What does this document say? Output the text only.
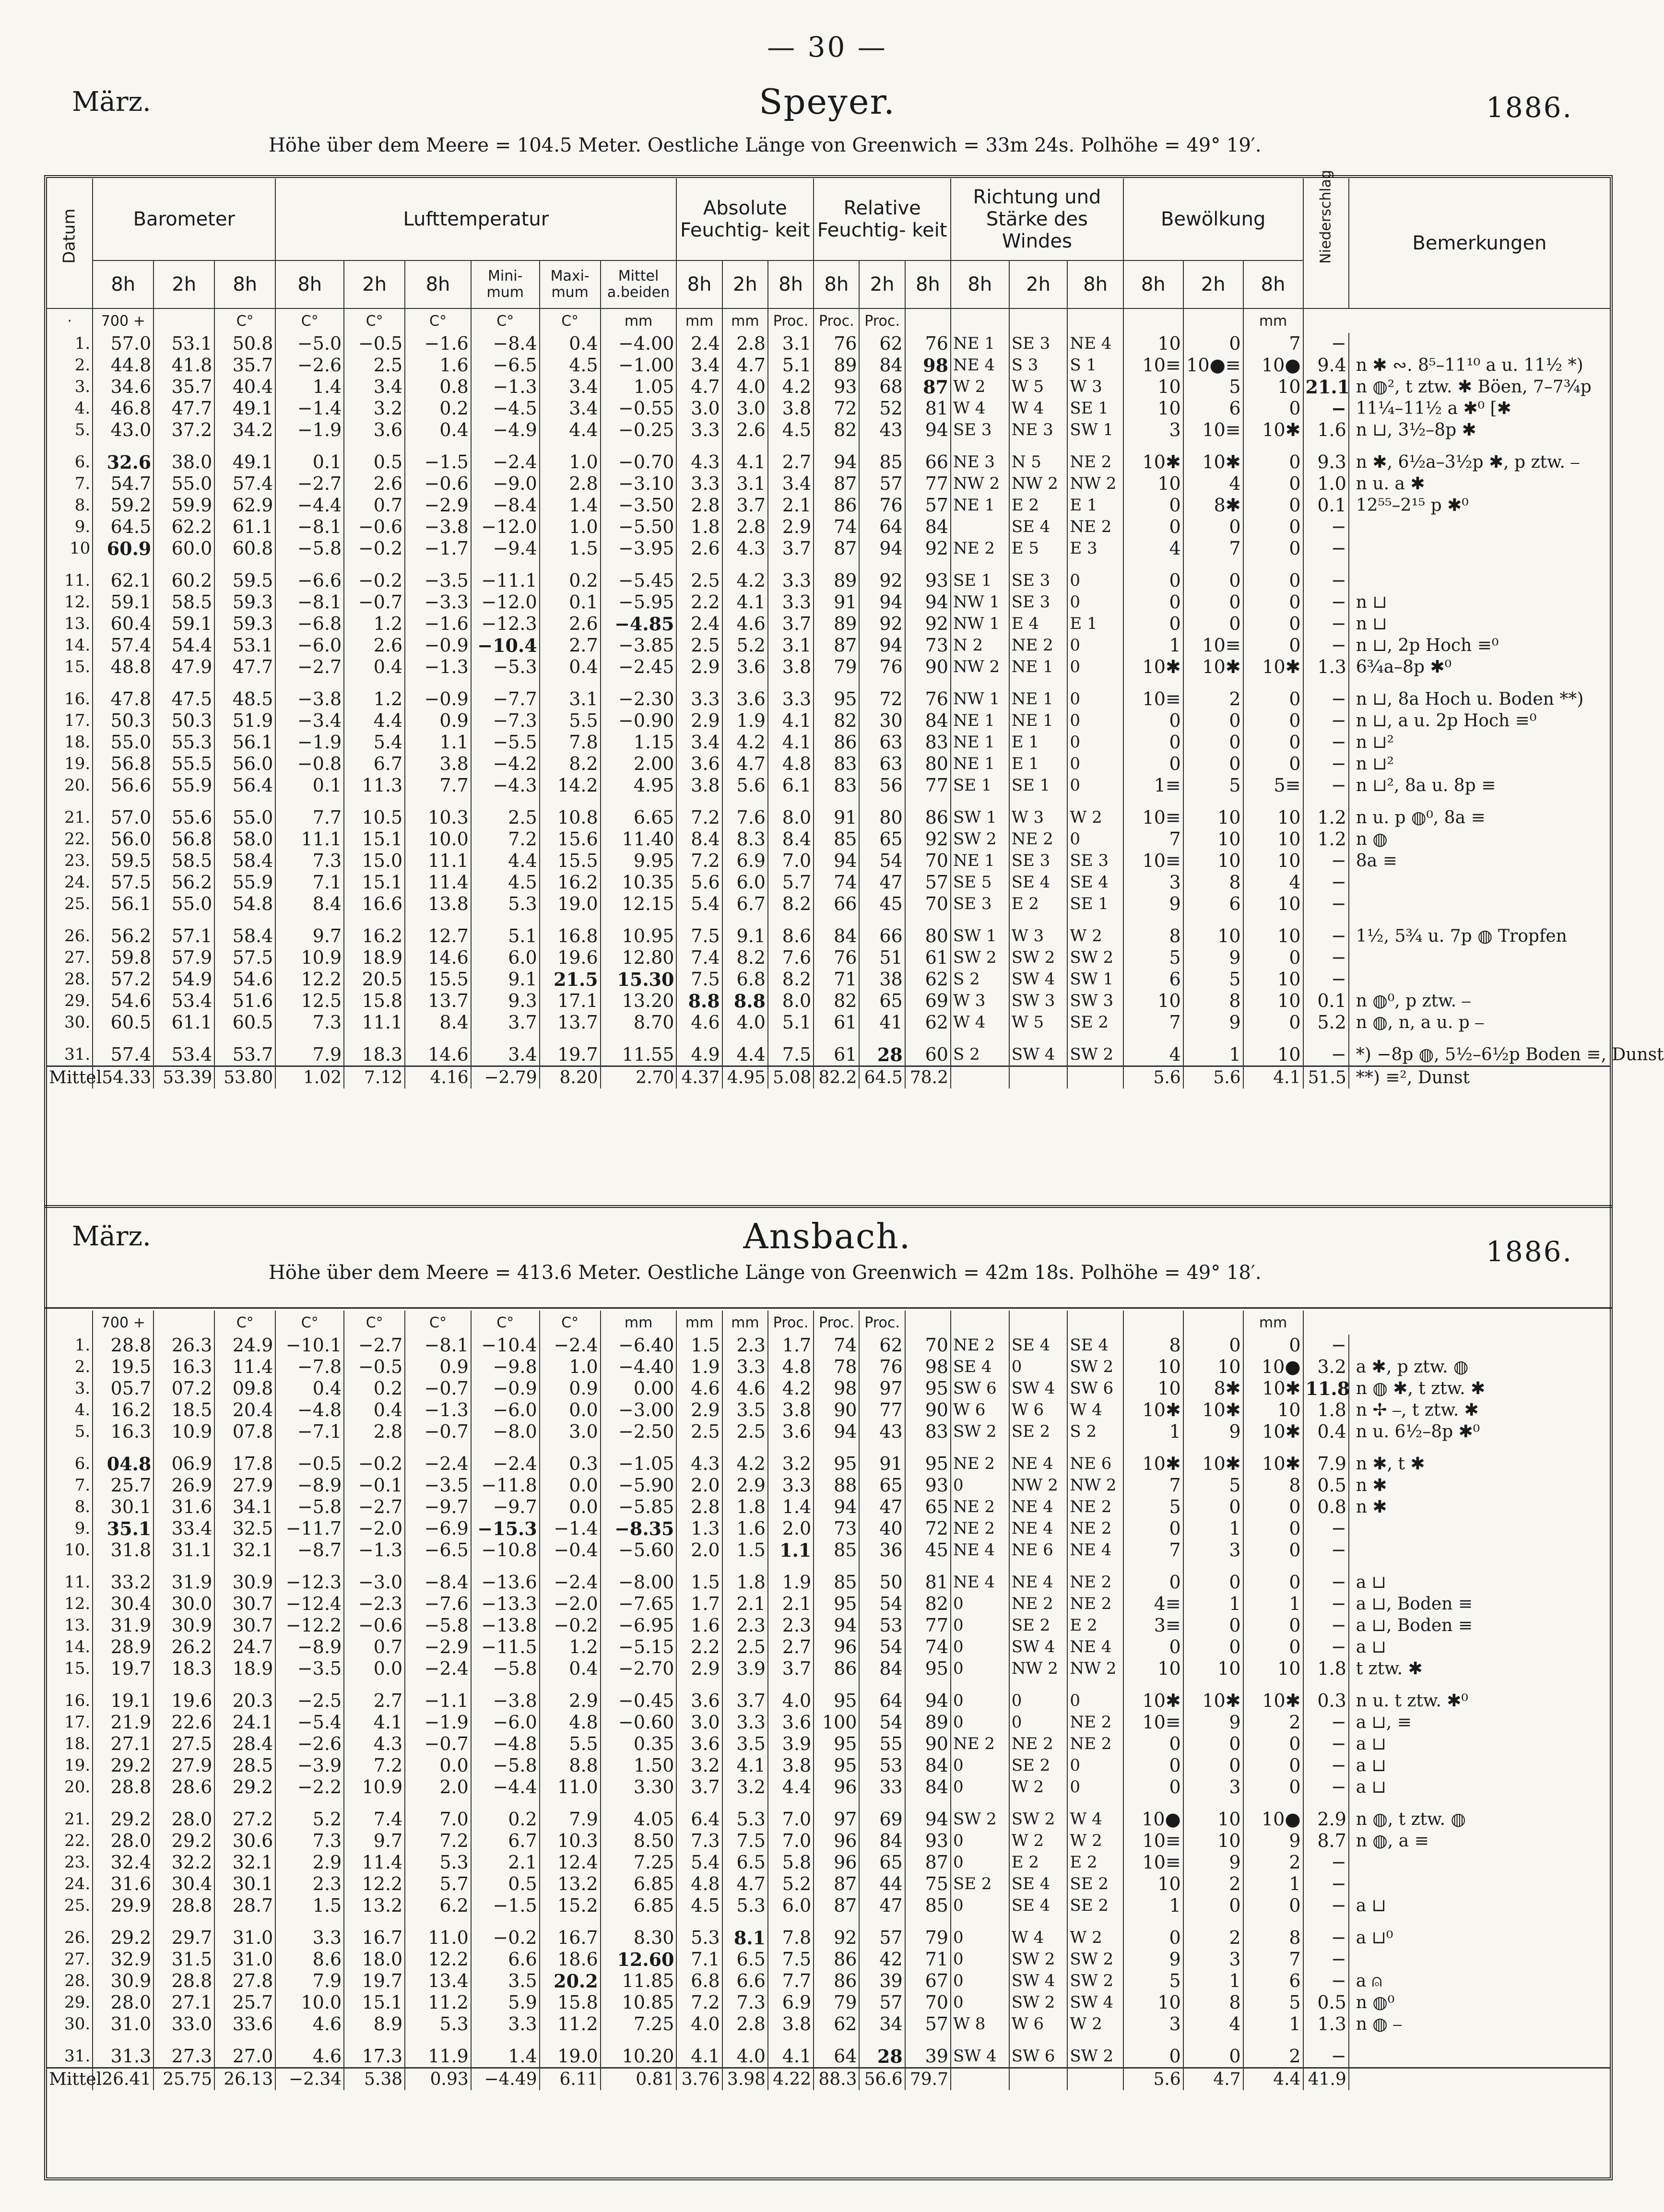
— 30 —
März.	Speyer.	1886.
Höhe über dem Meere = 104.5 Meter. Oestliche Länge von Greenwich = 33m 24s. Polhöhe = 49° 19′.
März.	Ansbach.	1886.
Höhe über dem Meere = 413.6 Meter. Oestliche Länge von Greenwich = 42m 18s. Polhöhe = 49° 18′.
Datum	Barometer			Lufttemperatur						Absolute Feuchtig- keit			Relative Feuchtig- keit			Richtung und Stärke des Windes			Bewölkung			Niederschlag	Bemerkungen
	8h	2h	8h	8h	2h	8h	Mini- mum	Maxi- mum	Mittel a.beiden	8h	2h	8h	8h	2h	8h	8h	2h	8h	8h	2h	8h		
·	700 +		C°	C°	C°	C°	C°	C°	mm	mm	mm	Proc.	Proc.	Proc.							mm		
1.	57.0	53.1	50.8	−5.0	−0.5	−1.6	−8.4	0.4	−4.00	2.4	2.8	3.1	76	62	76	NE 1	SE 3	NE 4	10	0	7	−	
2.	44.8	41.8	35.7	−2.6	2.5	1.6	−6.5	4.5	−1.00	3.4	4.7	5.1	89	84	98	NE 4	S 3	S 1	10≡	10●≡	10●	9.4	n ✱ ∾. 8⁵–11¹⁰ a u. 11½ *)
3.	34.6	35.7	40.4	1.4	3.4	0.8	−1.3	3.4	1.05	4.7	4.0	4.2	93	68	87	W 2	W 5	W 3	10	5	10	21.1	n ◍², t ztw. ✱ Böen, 7–7¾p
4.	46.8	47.7	49.1	−1.4	3.2	0.2	−4.5	3.4	−0.55	3.0	3.0	3.8	72	52	81	W 4	W 4	SE 1	10	6	0	−	11¼–11½ a ✱⁰ [✱
5.	43.0	37.2	34.2	−1.9	3.6	0.4	−4.9	4.4	−0.25	3.3	2.6	4.5	82	43	94	SE 3	NE 3	SW 1	3	10≡	10✱	1.6	n ⊔, 3½–8p ✱
6.	32.6	38.0	49.1	0.1	0.5	−1.5	−2.4	1.0	−0.70	4.3	4.1	2.7	94	85	66	NE 3	N 5	NE 2	10✱	10✱	0	9.3	n ✱, 6½a–3½p ✱, p ztw. ⎯
7.	54.7	55.0	57.4	−2.7	2.6	−0.6	−9.0	2.8	−3.10	3.3	3.1	3.4	87	57	77	NW 2	NW 2	NW 2	10	4	0	1.0	n u. a ✱
8.	59.2	59.9	62.9	−4.4	0.7	−2.9	−8.4	1.4	−3.50	2.8	3.7	2.1	86	76	57	NE 1	E 2	E 1	0	8✱	0	0.1	12⁵⁵–2¹⁵ p ✱⁰
9.	64.5	62.2	61.1	−8.1	−0.6	−3.8	−12.0	1.0	−5.50	1.8	2.8	2.9	74	64	84		SE 4	NE 2	0	0	0	−	
10	60.9	60.0	60.8	−5.8	−0.2	−1.7	−9.4	1.5	−3.95	2.6	4.3	3.7	87	94	92	NE 2	E 5	E 3	4	7	0	−	
11.	62.1	60.2	59.5	−6.6	−0.2	−3.5	−11.1	0.2	−5.45	2.5	4.2	3.3	89	92	93	SE 1	SE 3	0	0	0	0	−	
12.	59.1	58.5	59.3	−8.1	−0.7	−3.3	−12.0	0.1	−5.95	2.2	4.1	3.3	91	94	94	NW 1	SE 3	0	0	0	0	−	n ⊔
13.	60.4	59.1	59.3	−6.8	1.2	−1.6	−12.3	2.6	−4.85	2.4	4.6	3.7	89	92	92	NW 1	E 4	E 1	0	0	0	−	n ⊔
14.	57.4	54.4	53.1	−6.0	2.6	−0.9	−10.4	2.7	−3.85	2.5	5.2	3.1	87	94	73	N 2	NE 2	0	1	10≡	0	−	n ⊔, 2p Hoch ≡⁰
15.	48.8	47.9	47.7	−2.7	0.4	−1.3	−5.3	0.4	−2.45	2.9	3.6	3.8	79	76	90	NW 2	NE 1	0	10✱	10✱	10✱	1.3	6¾a–8p ✱⁰
16.	47.8	47.5	48.5	−3.8	1.2	−0.9	−7.7	3.1	−2.30	3.3	3.6	3.3	95	72	76	NW 1	NE 1	0	10≡	2	0	−	n ⊔, 8a Hoch u. Boden **)
17.	50.3	50.3	51.9	−3.4	4.4	0.9	−7.3	5.5	−0.90	2.9	1.9	4.1	82	30	84	NE 1	NE 1	0	0	0	0	−	n ⊔, a u. 2p Hoch ≡⁰
18.	55.0	55.3	56.1	−1.9	5.4	1.1	−5.5	7.8	1.15	3.4	4.2	4.1	86	63	83	NE 1	E 1	0	0	0	0	−	n ⊔²
19.	56.8	55.5	56.0	−0.8	6.7	3.8	−4.2	8.2	2.00	3.6	4.7	4.8	83	63	80	NE 1	E 1	0	0	0	0	−	n ⊔²
20.	56.6	55.9	56.4	0.1	11.3	7.7	−4.3	14.2	4.95	3.8	5.6	6.1	83	56	77	SE 1	SE 1	0	1≡	5	5≡	−	n ⊔², 8a u. 8p ≡
21.	57.0	55.6	55.0	7.7	10.5	10.3	2.5	10.8	6.65	7.2	7.6	8.0	91	80	86	SW 1	W 3	W 2	10≡	10	10	1.2	n u. p ◍⁰, 8a ≡
22.	56.0	56.8	58.0	11.1	15.1	10.0	7.2	15.6	11.40	8.4	8.3	8.4	85	65	92	SW 2	NE 2	0	7	10	10	1.2	n ◍
23.	59.5	58.5	58.4	7.3	15.0	11.1	4.4	15.5	9.95	7.2	6.9	7.0	94	54	70	NE 1	SE 3	SE 3	10≡	10	10	−	8a ≡
24.	57.5	56.2	55.9	7.1	15.1	11.4	4.5	16.2	10.35	5.6	6.0	5.7	74	47	57	SE 5	SE 4	SE 4	3	8	4	−	
25.	56.1	55.0	54.8	8.4	16.6	13.8	5.3	19.0	12.15	5.4	6.7	8.2	66	45	70	SE 3	E 2	SE 1	9	6	10	−	
26.	56.2	57.1	58.4	9.7	16.2	12.7	5.1	16.8	10.95	7.5	9.1	8.6	84	66	80	SW 1	W 3	W 2	8	10	10	−	1½, 5¾ u. 7p ◍ Tropfen
27.	59.8	57.9	57.5	10.9	18.9	14.6	6.0	19.6	12.80	7.4	8.2	7.6	76	51	61	SW 2	SW 2	SW 2	5	9	0	−	
28.	57.2	54.9	54.6	12.2	20.5	15.5	9.1	21.5	15.30	7.5	6.8	8.2	71	38	62	S 2	SW 4	SW 1	6	5	10	−	
29.	54.6	53.4	51.6	12.5	15.8	13.7	9.3	17.1	13.20	8.8	8.8	8.0	82	65	69	W 3	SW 3	SW 3	10	8	10	0.1	n ◍⁰, p ztw. ⎯
30.	60.5	61.1	60.5	7.3	11.1	8.4	3.7	13.7	8.70	4.6	4.0	5.1	61	41	62	W 4	W 5	SE 2	7	9	0	5.2	n ◍, n, a u. p ⎯
31.	57.4	53.4	53.7	7.9	18.3	14.6	3.4	19.7	11.55	4.9	4.4	7.5	61	28	60	S 2	SW 4	SW 2	4	1	10	−	*) −8p ◍, 5½–6½p Boden ≡, Dunst
Mittel	54.33	53.39	53.80	1.02	7.12	4.16	−2.79	8.20	2.70	4.37	4.95	5.08	82.2	64.5	78.2				5.6	5.6	4.1	51.5	**) ≡², Dunst
	700 +		C°	C°	C°	C°	C°	C°	mm	mm	mm	Proc.	Proc.	Proc.							mm		
1.	28.8	26.3	24.9	−10.1	−2.7	−8.1	−10.4	−2.4	−6.40	1.5	2.3	1.7	74	62	70	NE 2	SE 4	SE 4	8	0	0	−	
2.	19.5	16.3	11.4	−7.8	−0.5	0.9	−9.8	1.0	−4.40	1.9	3.3	4.8	78	76	98	SE 4	0	SW 2	10	10	10●	3.2	a ✱, p ztw. ◍
3.	05.7	07.2	09.8	0.4	0.2	−0.7	−0.9	0.9	0.00	4.6	4.6	4.2	98	97	95	SW 6	SW 4	SW 6	10	8✱	10✱	11.8	n ◍ ✱, t ztw. ✱
4.	16.2	18.5	20.4	−4.8	0.4	−1.3	−6.0	0.0	−3.00	2.9	3.5	3.8	90	77	90	W 6	W 6	W 4	10✱	10✱	10	1.8	n ✢ ⎯, t ztw. ✱
5.	16.3	10.9	07.8	−7.1	2.8	−0.7	−8.0	3.0	−2.50	2.5	2.5	3.6	94	43	83	SW 2	SE 2	S 2	1	9	10✱	0.4	n u. 6½–8p ✱⁰
6.	04.8	06.9	17.8	−0.5	−0.2	−2.4	−2.4	0.3	−1.05	4.3	4.2	3.2	95	91	95	NE 2	NE 4	NE 6	10✱	10✱	10✱	7.9	n ✱, t ✱
7.	25.7	26.9	27.9	−8.9	−0.1	−3.5	−11.8	0.0	−5.90	2.0	2.9	3.3	88	65	93	0	NW 2	NW 2	7	5	8	0.5	n ✱
8.	30.1	31.6	34.1	−5.8	−2.7	−9.7	−9.7	0.0	−5.85	2.8	1.8	1.4	94	47	65	NE 2	NE 4	NE 2	5	0	0	0.8	n ✱
9.	35.1	33.4	32.5	−11.7	−2.0	−6.9	−15.3	−1.4	−8.35	1.3	1.6	2.0	73	40	72	NE 2	NE 4	NE 2	0	1	0	−	
10.	31.8	31.1	32.1	−8.7	−1.3	−6.5	−10.8	−0.4	−5.60	2.0	1.5	1.1	85	36	45	NE 4	NE 6	NE 4	7	3	0	−	
11.	33.2	31.9	30.9	−12.3	−3.0	−8.4	−13.6	−2.4	−8.00	1.5	1.8	1.9	85	50	81	NE 4	NE 4	NE 2	0	0	0	−	a ⊔
12.	30.4	30.0	30.7	−12.4	−2.3	−7.6	−13.3	−2.0	−7.65	1.7	2.1	2.1	95	54	82	0	NE 2	NE 2	4≡	1	1	−	a ⊔, Boden ≡
13.	31.9	30.9	30.7	−12.2	−0.6	−5.8	−13.8	−0.2	−6.95	1.6	2.3	2.3	94	53	77	0	SE 2	E 2	3≡	0	0	−	a ⊔, Boden ≡
14.	28.9	26.2	24.7	−8.9	0.7	−2.9	−11.5	1.2	−5.15	2.2	2.5	2.7	96	54	74	0	SW 4	NE 4	0	0	0	−	a ⊔
15.	19.7	18.3	18.9	−3.5	0.0	−2.4	−5.8	0.4	−2.70	2.9	3.9	3.7	86	84	95	0	NW 2	NW 2	10	10	10	1.8	t ztw. ✱
16.	19.1	19.6	20.3	−2.5	2.7	−1.1	−3.8	2.9	−0.45	3.6	3.7	4.0	95	64	94	0	0	0	10✱	10✱	10✱	0.3	n u. t ztw. ✱⁰
17.	21.9	22.6	24.1	−5.4	4.1	−1.9	−6.0	4.8	−0.60	3.0	3.3	3.6	100	54	89	0	0	NE 2	10≡	9	2	−	a ⊔, ≡
18.	27.1	27.5	28.4	−2.6	4.3	−0.7	−4.8	5.5	0.35	3.6	3.5	3.9	95	55	90	NE 2	NE 2	NE 2	0	0	0	−	a ⊔
19.	29.2	27.9	28.5	−3.9	7.2	0.0	−5.8	8.8	1.50	3.2	4.1	3.8	95	53	84	0	SE 2	0	0	0	0	−	a ⊔
20.	28.8	28.6	29.2	−2.2	10.9	2.0	−4.4	11.0	3.30	3.7	3.2	4.4	96	33	84	0	W 2	0	0	3	0	−	a ⊔
21.	29.2	28.0	27.2	5.2	7.4	7.0	0.2	7.9	4.05	6.4	5.3	7.0	97	69	94	SW 2	SW 2	W 4	10●	10	10●	2.9	n ◍, t ztw. ◍
22.	28.0	29.2	30.6	7.3	9.7	7.2	6.7	10.3	8.50	7.3	7.5	7.0	96	84	93	0	W 2	W 2	10≡	10	9	8.7	n ◍, a ≡
23.	32.4	32.2	32.1	2.9	11.4	5.3	2.1	12.4	7.25	5.4	6.5	5.8	96	65	87	0	E 2	E 2	10≡	9	2	−	
24.	31.6	30.4	30.1	2.3	12.2	5.7	0.5	13.2	6.85	4.8	4.7	5.2	87	44	75	SE 2	SE 4	SE 2	10	2	1	−	
25.	29.9	28.8	28.7	1.5	13.2	6.2	−1.5	15.2	6.85	4.5	5.3	6.0	87	47	85	0	SE 4	SE 2	1	0	0	−	a ⊔
26.	29.2	29.7	31.0	3.3	16.7	11.0	−0.2	16.7	8.30	5.3	8.1	7.8	92	57	79	0	W 4	W 2	0	2	8	−	a ⊔⁰
27.	32.9	31.5	31.0	8.6	18.0	12.2	6.6	18.6	12.60	7.1	6.5	7.5	86	42	71	0	SW 2	SW 2	9	3	7	−	
28.	30.9	28.8	27.8	7.9	19.7	13.4	3.5	20.2	11.85	6.8	6.6	7.7	86	39	67	0	SW 4	SW 2	5	1	6	−	a ⍝
29.	28.0	27.1	25.7	10.0	15.1	11.2	5.9	15.8	10.85	7.2	7.3	6.9	79	57	70	0	SW 2	SW 4	10	8	5	0.5	n ◍⁰
30.	31.0	33.0	33.6	4.6	8.9	5.3	3.3	11.2	7.25	4.0	2.8	3.8	62	34	57	W 8	W 6	W 2	3	4	1	1.3	n ◍ ⎯
31.	31.3	27.3	27.0	4.6	17.3	11.9	1.4	19.0	10.20	4.1	4.0	4.1	64	28	39	SW 4	SW 6	SW 2	0	0	2	−	
Mittel	26.41	25.75	26.13	−2.34	5.38	0.93	−4.49	6.11	0.81	3.76	3.98	4.22	88.3	56.6	79.7				5.6	4.7	4.4	41.9	
